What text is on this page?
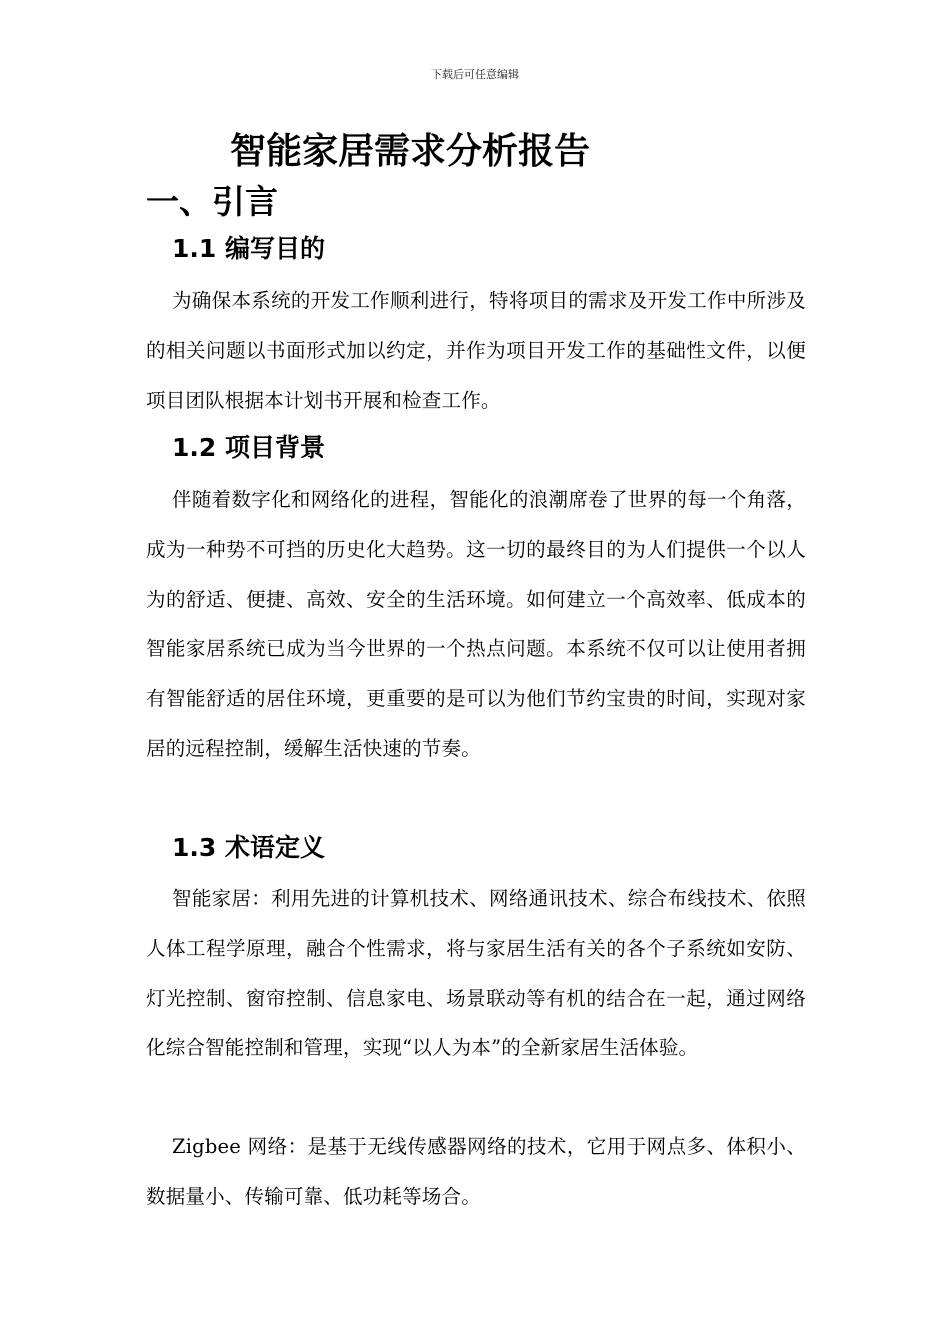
下载后可任意编辑
智能家居需求分析报告
一、引言
1.1 编写目的

为确保本系统的开发工作顺利进行，特将项目的需求及开发工作中所涉及的相关问题以书面形式加以约定，并作为项目开发工作的基础性文件，以便项目团队根据本计划书开展和检查工作。

1.2 项目背景

伴随着数字化和网络化的进程，智能化的浪潮席卷了世界的每一个角落，成为一种势不可挡的历史化大趋势。这一切的最终目的为人们提供一个以人为的舒适、便捷、高效、安全的生活环境。如何建立一个高效率、低成本的智能家居系统已成为当今世界的一个热点问题。本系统不仅可以让使用者拥有智能舒适的居住环境，更重要的是可以为他们节约宝贵的时间，实现对家居的远程控制，缓解生活快速的节奏。

1.3 术语定义

智能家居：利用先进的计算机技术、网络通讯技术、综合布线技术、依照人体工程学原理，融合个性需求，将与家居生活有关的各个子系统如安防、灯光控制、窗帘控制、信息家电、场景联动等有机的结合在一起，通过网络化综合智能控制和管理，实现“以人为本”的全新家居生活体验。

Zigbee 网络：是基于无线传感器网络的技术，它用于网点多、体积小、数据量小、传输可靠、低功耗等场合。
